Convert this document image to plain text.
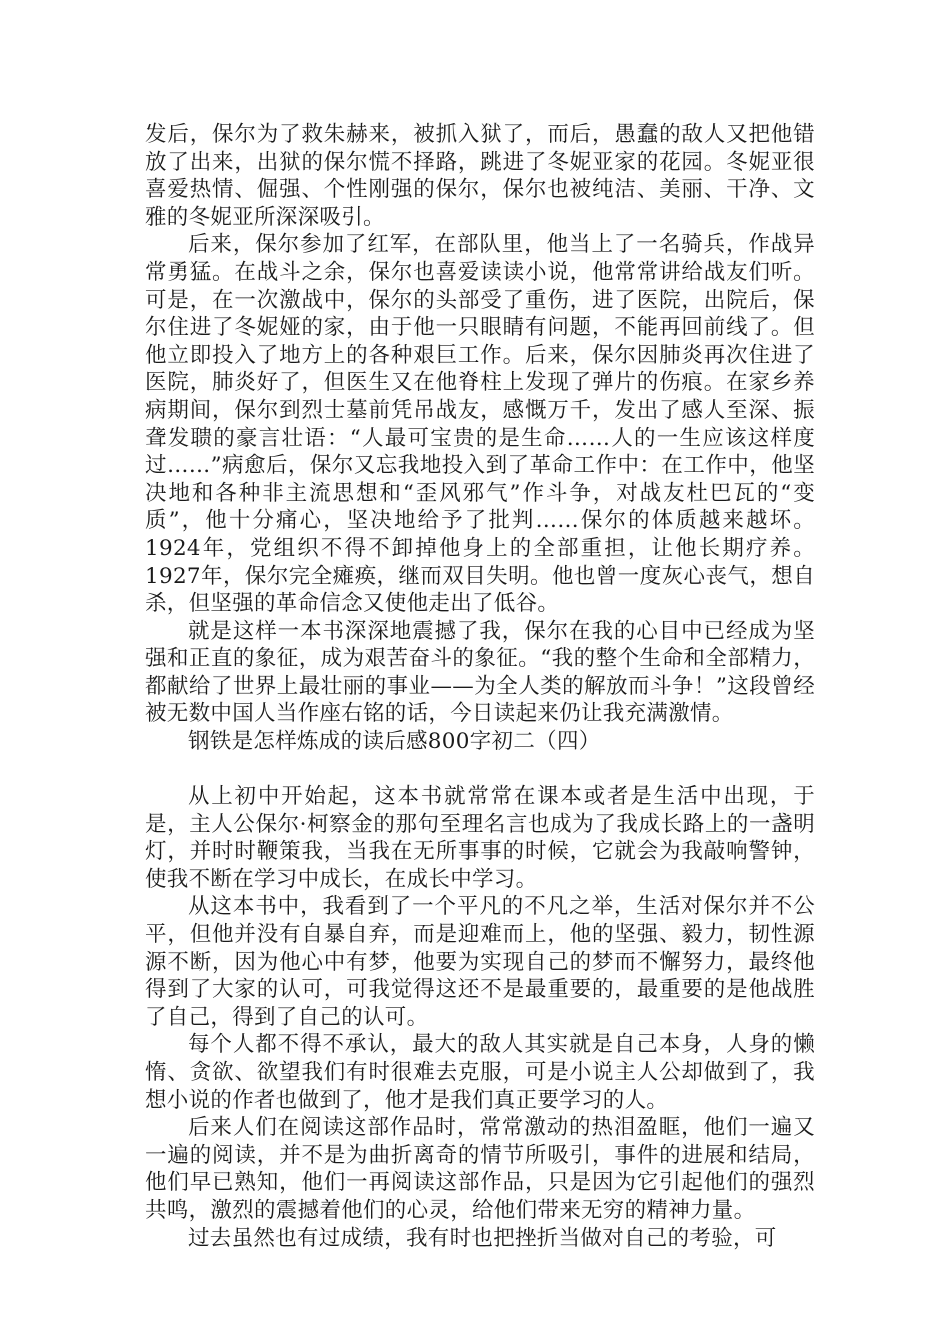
发后，保尔为了救朱赫来，被抓入狱了，而后，愚蠢的敌人又把他错放了出来，出狱的保尔慌不择路，跳进了冬妮亚家的花园。冬妮亚很喜爱热情、倔强、个性刚强的保尔，保尔也被纯洁、美丽、干净、文雅的冬妮亚所深深吸引。

后来，保尔参加了红军，在部队里，他当上了一名骑兵，作战异常勇猛。在战斗之余，保尔也喜爱读读小说，他常常讲给战友们听。可是，在一次激战中，保尔的头部受了重伤，进了医院，出院后，保尔住进了冬妮娅的家，由于他一只眼睛有问题，不能再回前线了。但他立即投入了地方上的各种艰巨工作。后来，保尔因肺炎再次住进了医院，肺炎好了，但医生又在他脊柱上发现了弹片的伤痕。在家乡养病期间，保尔到烈士墓前凭吊战友，感慨万千，发出了感人至深、振聋发聩的豪言壮语：“人最可宝贵的是生命……人的一生应该这样度过……”病愈后，保尔又忘我地投入到了革命工作中：在工作中，他坚决地和各种非主流思想和“歪风邪气”作斗争，对战友杜巴瓦的“变质”，他十分痛心，坚决地给予了批判……保尔的体质越来越坏。1924年，党组织不得不卸掉他身上的全部重担，让他长期疗养。1927年，保尔完全瘫痪，继而双目失明。他也曾一度灰心丧气，想自杀，但坚强的革命信念又使他走出了低谷。

就是这样一本书深深地震撼了我，保尔在我的心目中已经成为坚强和正直的象征，成为艰苦奋斗的象征。“我的整个生命和全部精力，都献给了世界上最壮丽的事业——为全人类的解放而斗争！”这段曾经被无数中国人当作座右铭的话，今日读起来仍让我充满激情。

钢铁是怎样炼成的读后感800字初二（四）

从上初中开始起，这本书就常常在课本或者是生活中出现，于是，主人公保尔·柯察金的那句至理名言也成为了我成长路上的一盏明灯，并时时鞭策我，当我在无所事事的时候，它就会为我敲响警钟，使我不断在学习中成长，在成长中学习。

从这本书中，我看到了一个平凡的不凡之举，生活对保尔并不公平，但他并没有自暴自弃，而是迎难而上，他的坚强、毅力，韧性源源不断，因为他心中有梦，他要为实现自己的梦而不懈努力，最终他得到了大家的认可，可我觉得这还不是最重要的，最重要的是他战胜了自己，得到了自己的认可。

每个人都不得不承认，最大的敌人其实就是自己本身，人身的懒惰、贪欲、欲望我们有时很难去克服，可是小说主人公却做到了，我想小说的作者也做到了，他才是我们真正要学习的人。

后来人们在阅读这部作品时，常常激动的热泪盈眶，他们一遍又一遍的阅读，并不是为曲折离奇的情节所吸引，事件的进展和结局，他们早已熟知，他们一再阅读这部作品，只是因为它引起他们的强烈共鸣，激烈的震撼着他们的心灵，给他们带来无穷的精神力量。

过去虽然也有过成绩，我有时也把挫折当做对自己的考验，可
